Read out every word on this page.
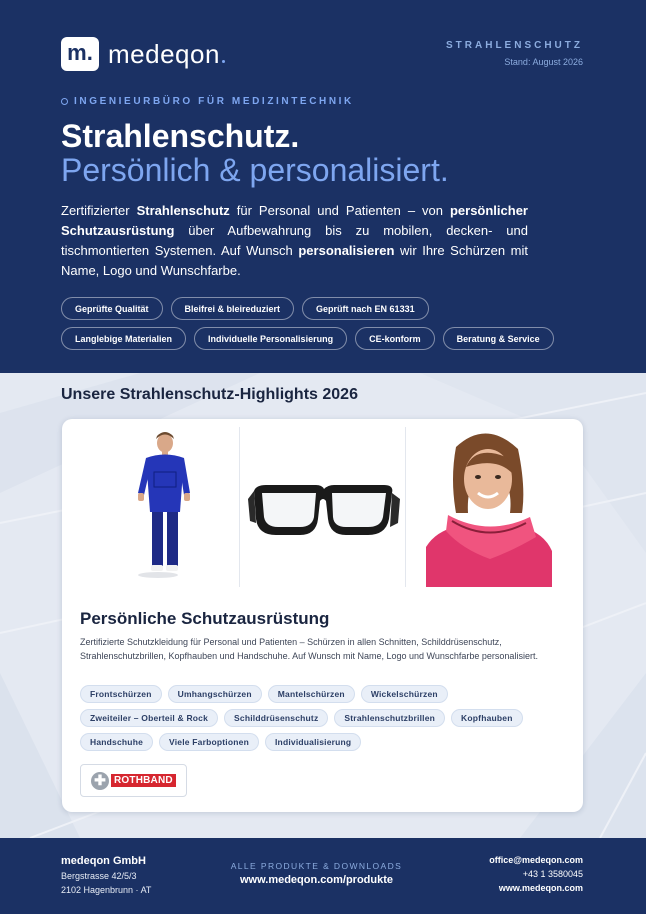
m. medeqon	STRAHLENSCHUTZ
Stand: August 2026
INGENIEURBÜRO FÜR MEDIZINTECHNIK
Strahlenschutz.
Persönlich & personalisiert.

Zertifizierter Strahlenschutz für Personal und Patienten – von persönlicher Schutzausrüstung über Aufbewahrung bis zu mobilen, decken- und tischmontierten Systemen. Auf Wunsch personalisieren wir Ihre Schürzen mit Name, Logo und Wunschfarbe.

Geprüfte Qualität	Bleifrei & bleireduziert	Geprüft nach EN 61331
Langlebige Materialien	Individuelle Personalisierung	CE-konform	Beratung & Service
Unsere Strahlenschutz-Highlights 2026
Persönliche Schutzausrüstung
Zertifizierte Schutzkleidung für Personal und Patienten – Schürzen in allen Schnitten, Schilddrüsenschutz, Strahlenschutzbrillen, Kopfhauben und Handschuhe. Auf Wunsch mit Name, Logo und Wunschfarbe personalisiert.
Frontschürzen	Umhangschürzen	Mantelschürzen	Wickelschürzen
Zweiteiler – Oberteil & Rock	Schilddrüsenschutz	Strahlenschutzbrillen	Kopfhauben
Handschuhe	Viele Farboptionen	Individualisierung
✚ ROTHBAND
medeqon GmbH
Bergstrasse 42/5/3
2102 Hagenbrunn · AT
ALLE PRODUKTE & DOWNLOADS
www.medeqon.com/produkte
office@medeqon.com
+43 1 3580045
www.medeqon.com
